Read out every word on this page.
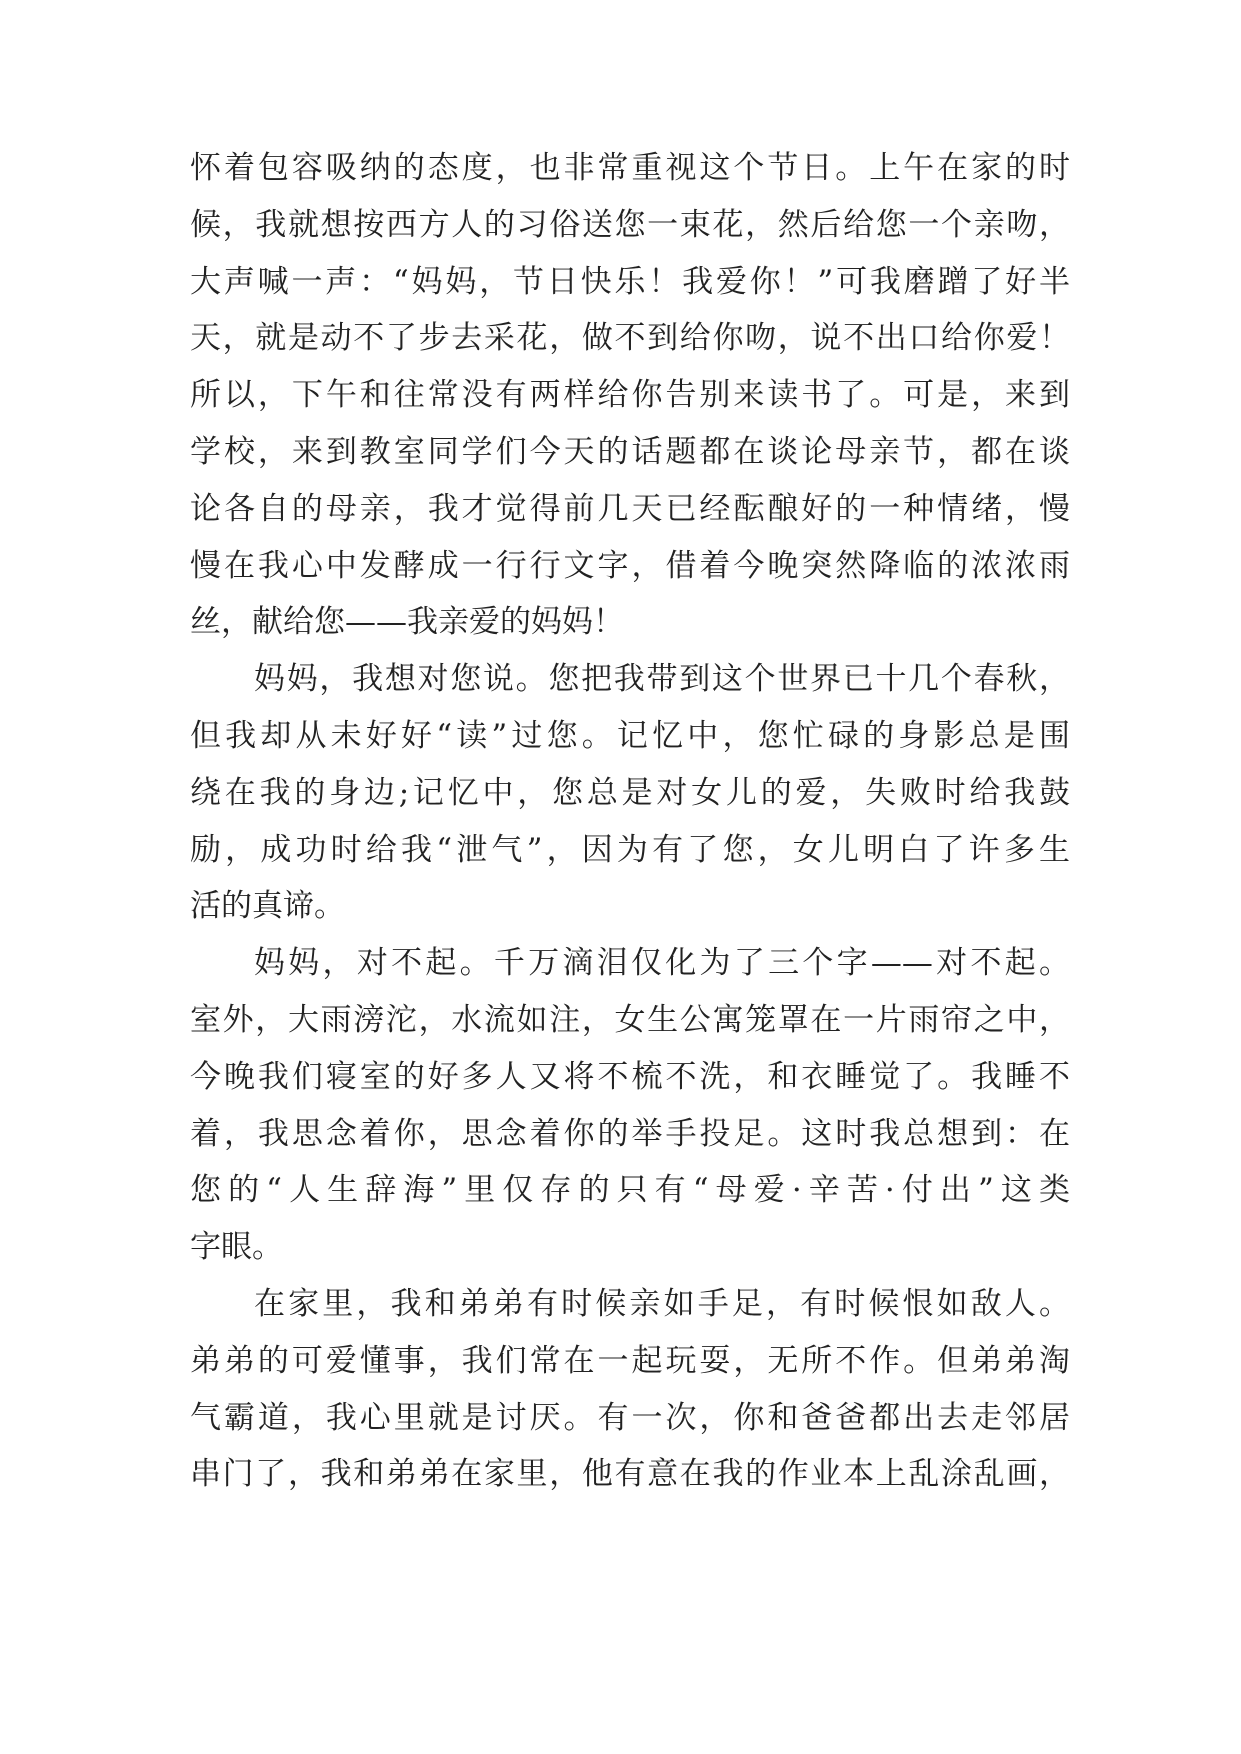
怀着包容吸纳的态度，也非常重视这个节日。上午在家的时
候，我就想按西方人的习俗送您一束花，然后给您一个亲吻，
大声喊一声：“妈妈，节日快乐！我爱你！”可我磨蹭了好半
天，就是动不了步去采花，做不到给你吻，说不出口给你爱！
所以，下午和往常没有两样给你告别来读书了。可是，来到
学校，来到教室同学们今天的话题都在谈论母亲节，都在谈
论各自的母亲，我才觉得前几天已经酝酿好的一种情绪，慢
慢在我心中发酵成一行行文字，借着今晚突然降临的浓浓雨
丝，献给您——我亲爱的妈妈！
妈妈，我想对您说。您把我带到这个世界已十几个春秋，
但我却从未好好“读”过您。记忆中，您忙碌的身影总是围
绕在我的身边;记忆中，您总是对女儿的爱，失败时给我鼓
励，成功时给我“泄气”，因为有了您，女儿明白了许多生
活的真谛。
妈妈，对不起。千万滴泪仅化为了三个字——对不起。
室外，大雨滂沱，水流如注，女生公寓笼罩在一片雨帘之中，
今晚我们寝室的好多人又将不梳不洗，和衣睡觉了。我睡不
着，我思念着你，思念着你的举手投足。这时我总想到：在
您的“人生辞海”里仅存的只有“母爱·辛苦·付出”这类
字眼。
在家里，我和弟弟有时候亲如手足，有时候恨如敌人。
弟弟的可爱懂事，我们常在一起玩耍，无所不作。但弟弟淘
气霸道，我心里就是讨厌。有一次，你和爸爸都出去走邻居
串门了，我和弟弟在家里，他有意在我的作业本上乱涂乱画，
